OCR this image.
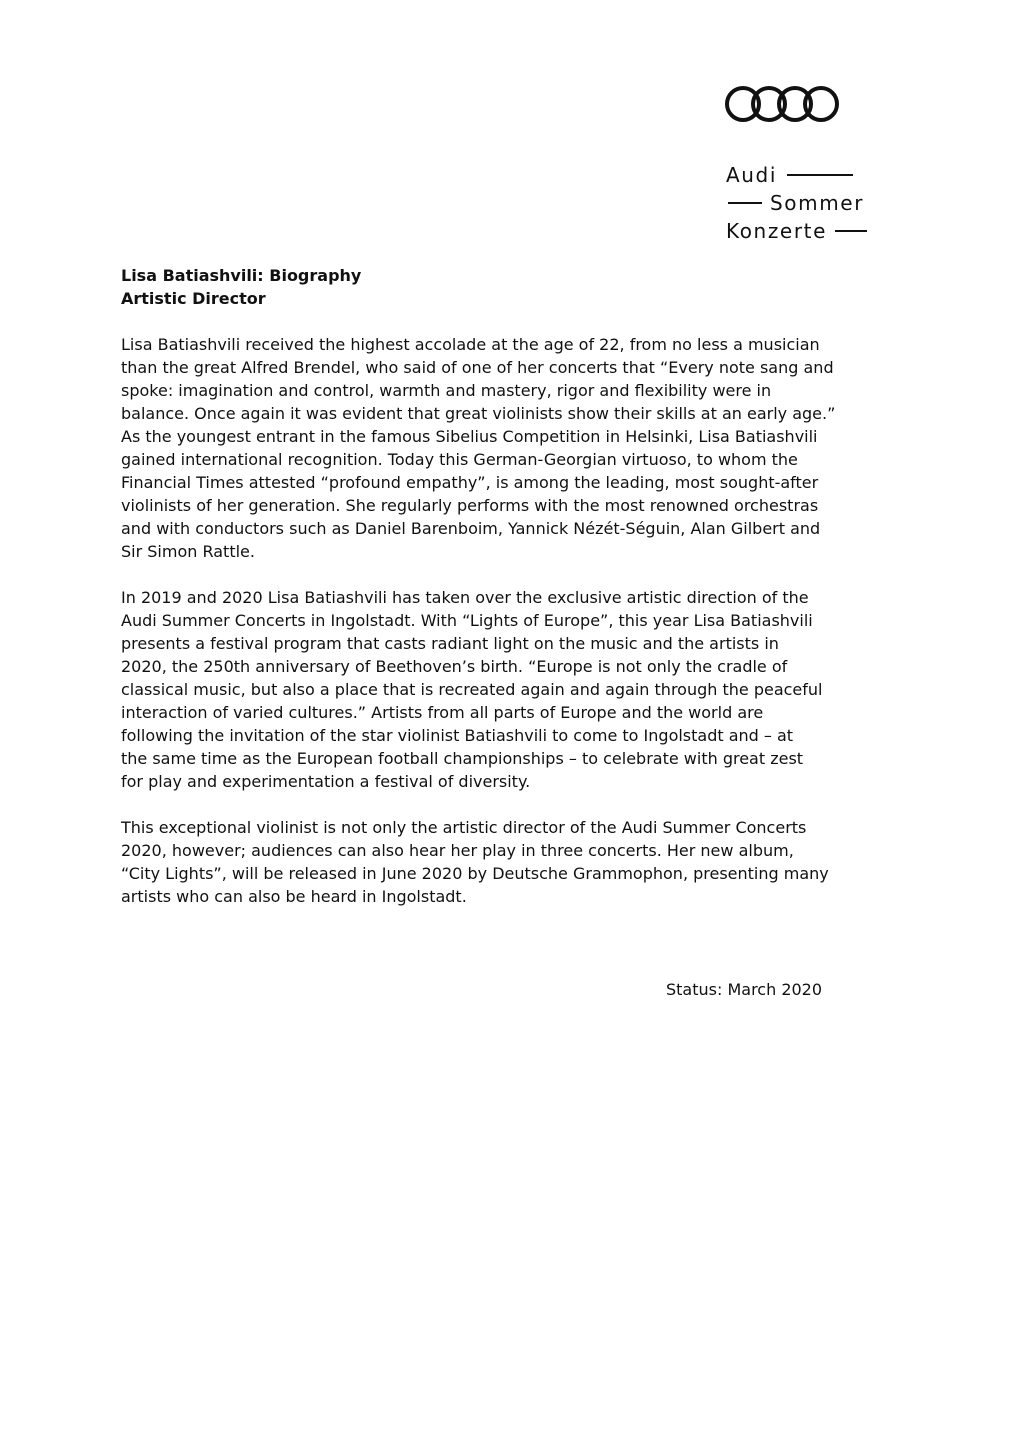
Audi
Sommer
Konzerte
Lisa Batiashvili: Biography
Artistic Director
Lisa Batiashvili received the highest accolade at the age of 22, from no less a musician
than the great Alfred Brendel, who said of one of her concerts that “Every note sang and
spoke: imagination and control, warmth and mastery, rigor and flexibility were in
balance. Once again it was evident that great violinists show their skills at an early age.”
As the youngest entrant in the famous Sibelius Competition in Helsinki, Lisa Batiashvili
gained international recognition. Today this German-Georgian virtuoso, to whom the
Financial Times attested “profound empathy”, is among the leading, most sought-after
violinists of her generation. She regularly performs with the most renowned orchestras
and with conductors such as Daniel Barenboim, Yannick Nézét-Séguin, Alan Gilbert and
Sir Simon Rattle.
In 2019 and 2020 Lisa Batiashvili has taken over the exclusive artistic direction of the
Audi Summer Concerts in Ingolstadt. With “Lights of Europe”, this year Lisa Batiashvili
presents a festival program that casts radiant light on the music and the artists in
2020, the 250th anniversary of Beethoven’s birth. “Europe is not only the cradle of
classical music, but also a place that is recreated again and again through the peaceful
interaction of varied cultures.” Artists from all parts of Europe and the world are
following the invitation of the star violinist Batiashvili to come to Ingolstadt and – at
the same time as the European football championships – to celebrate with great zest
for play and experimentation a festival of diversity.
This exceptional violinist is not only the artistic director of the Audi Summer Concerts
2020, however; audiences can also hear her play in three concerts. Her new album,
“City Lights”, will be released in June 2020 by Deutsche Grammophon, presenting many
artists who can also be heard in Ingolstadt.
Status: March 2020
